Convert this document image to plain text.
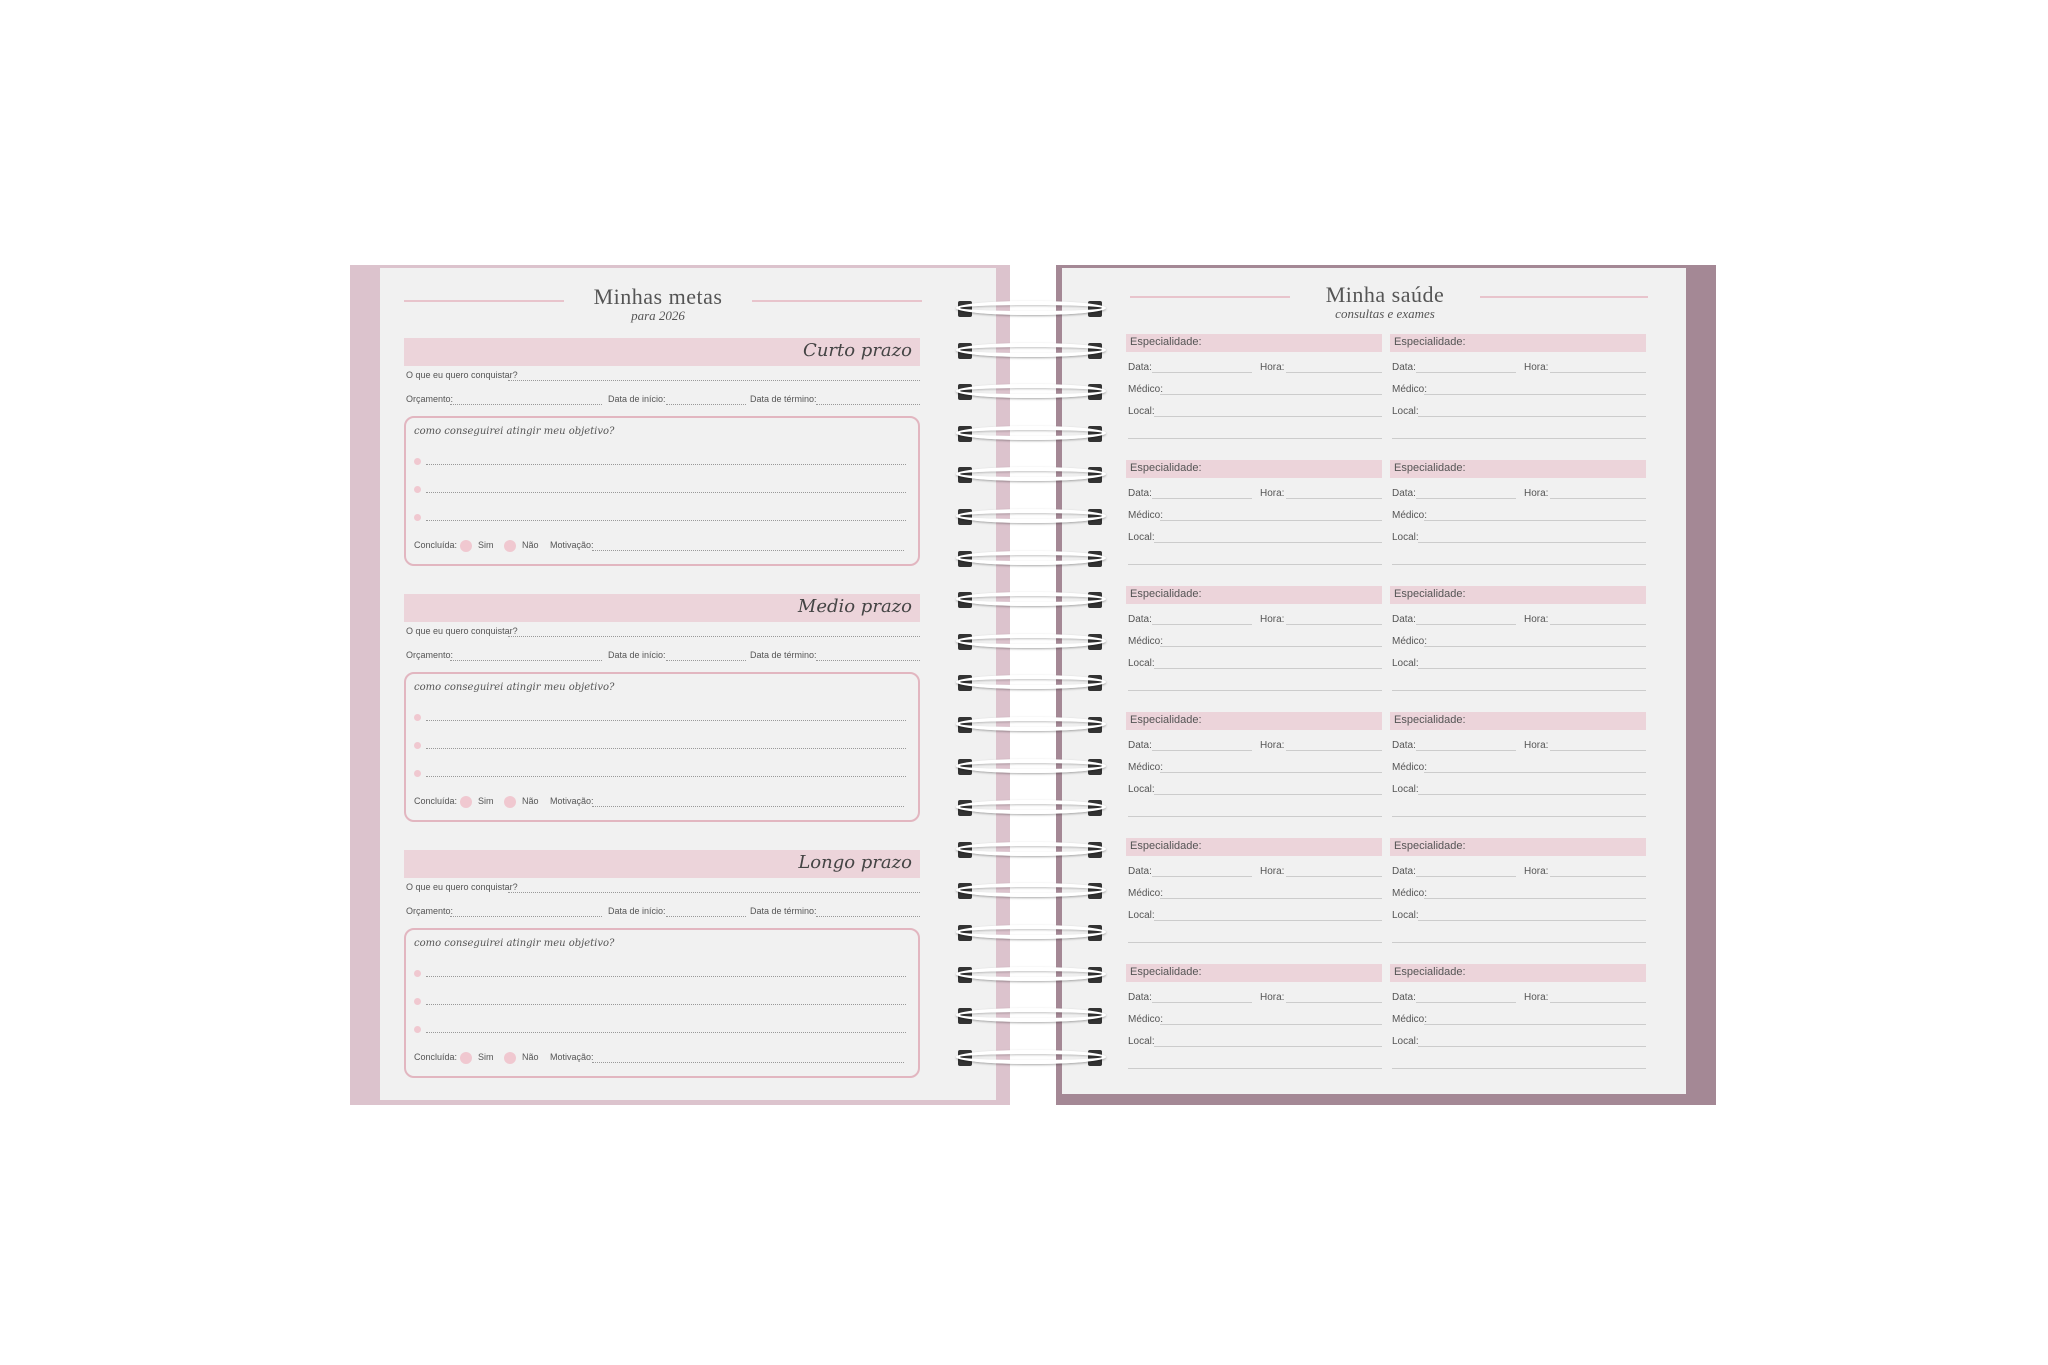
Minhas metas
para 2026
Curto prazo
O que eu quero conquistar?
Orçamento:	Data de início:	Data de término:
como conseguirei atingir meu objetivo?
Concluída: Sim	Não Motivação:
Medio prazo
O que eu quero conquistar?
Orçamento:	Data de início:	Data de término:
como conseguirei atingir meu objetivo?
Concluída: Sim	Não Motivação:
Longo prazo
O que eu quero conquistar?
Orçamento:	Data de início:	Data de término:
como conseguirei atingir meu objetivo?
Concluída: Sim	Não Motivação:
Minha saúde
consultas e exames
Especialidade:
Data:	Hora:
Médico:
Local:
Especialidade:
Data:	Hora:
Médico:
Local:
Especialidade:
Data:	Hora:
Médico:
Local:
Especialidade:
Data:	Hora:
Médico:
Local:
Especialidade:
Data:	Hora:
Médico:
Local:
Especialidade:
Data:	Hora:
Médico:
Local:
Especialidade:
Data:	Hora:
Médico:
Local:
Especialidade:
Data:	Hora:
Médico:
Local:
Especialidade:
Data:	Hora:
Médico:
Local:
Especialidade:
Data:	Hora:
Médico:
Local:
Especialidade:
Data:	Hora:
Médico:
Local:
Especialidade:
Data:	Hora:
Médico:
Local:
